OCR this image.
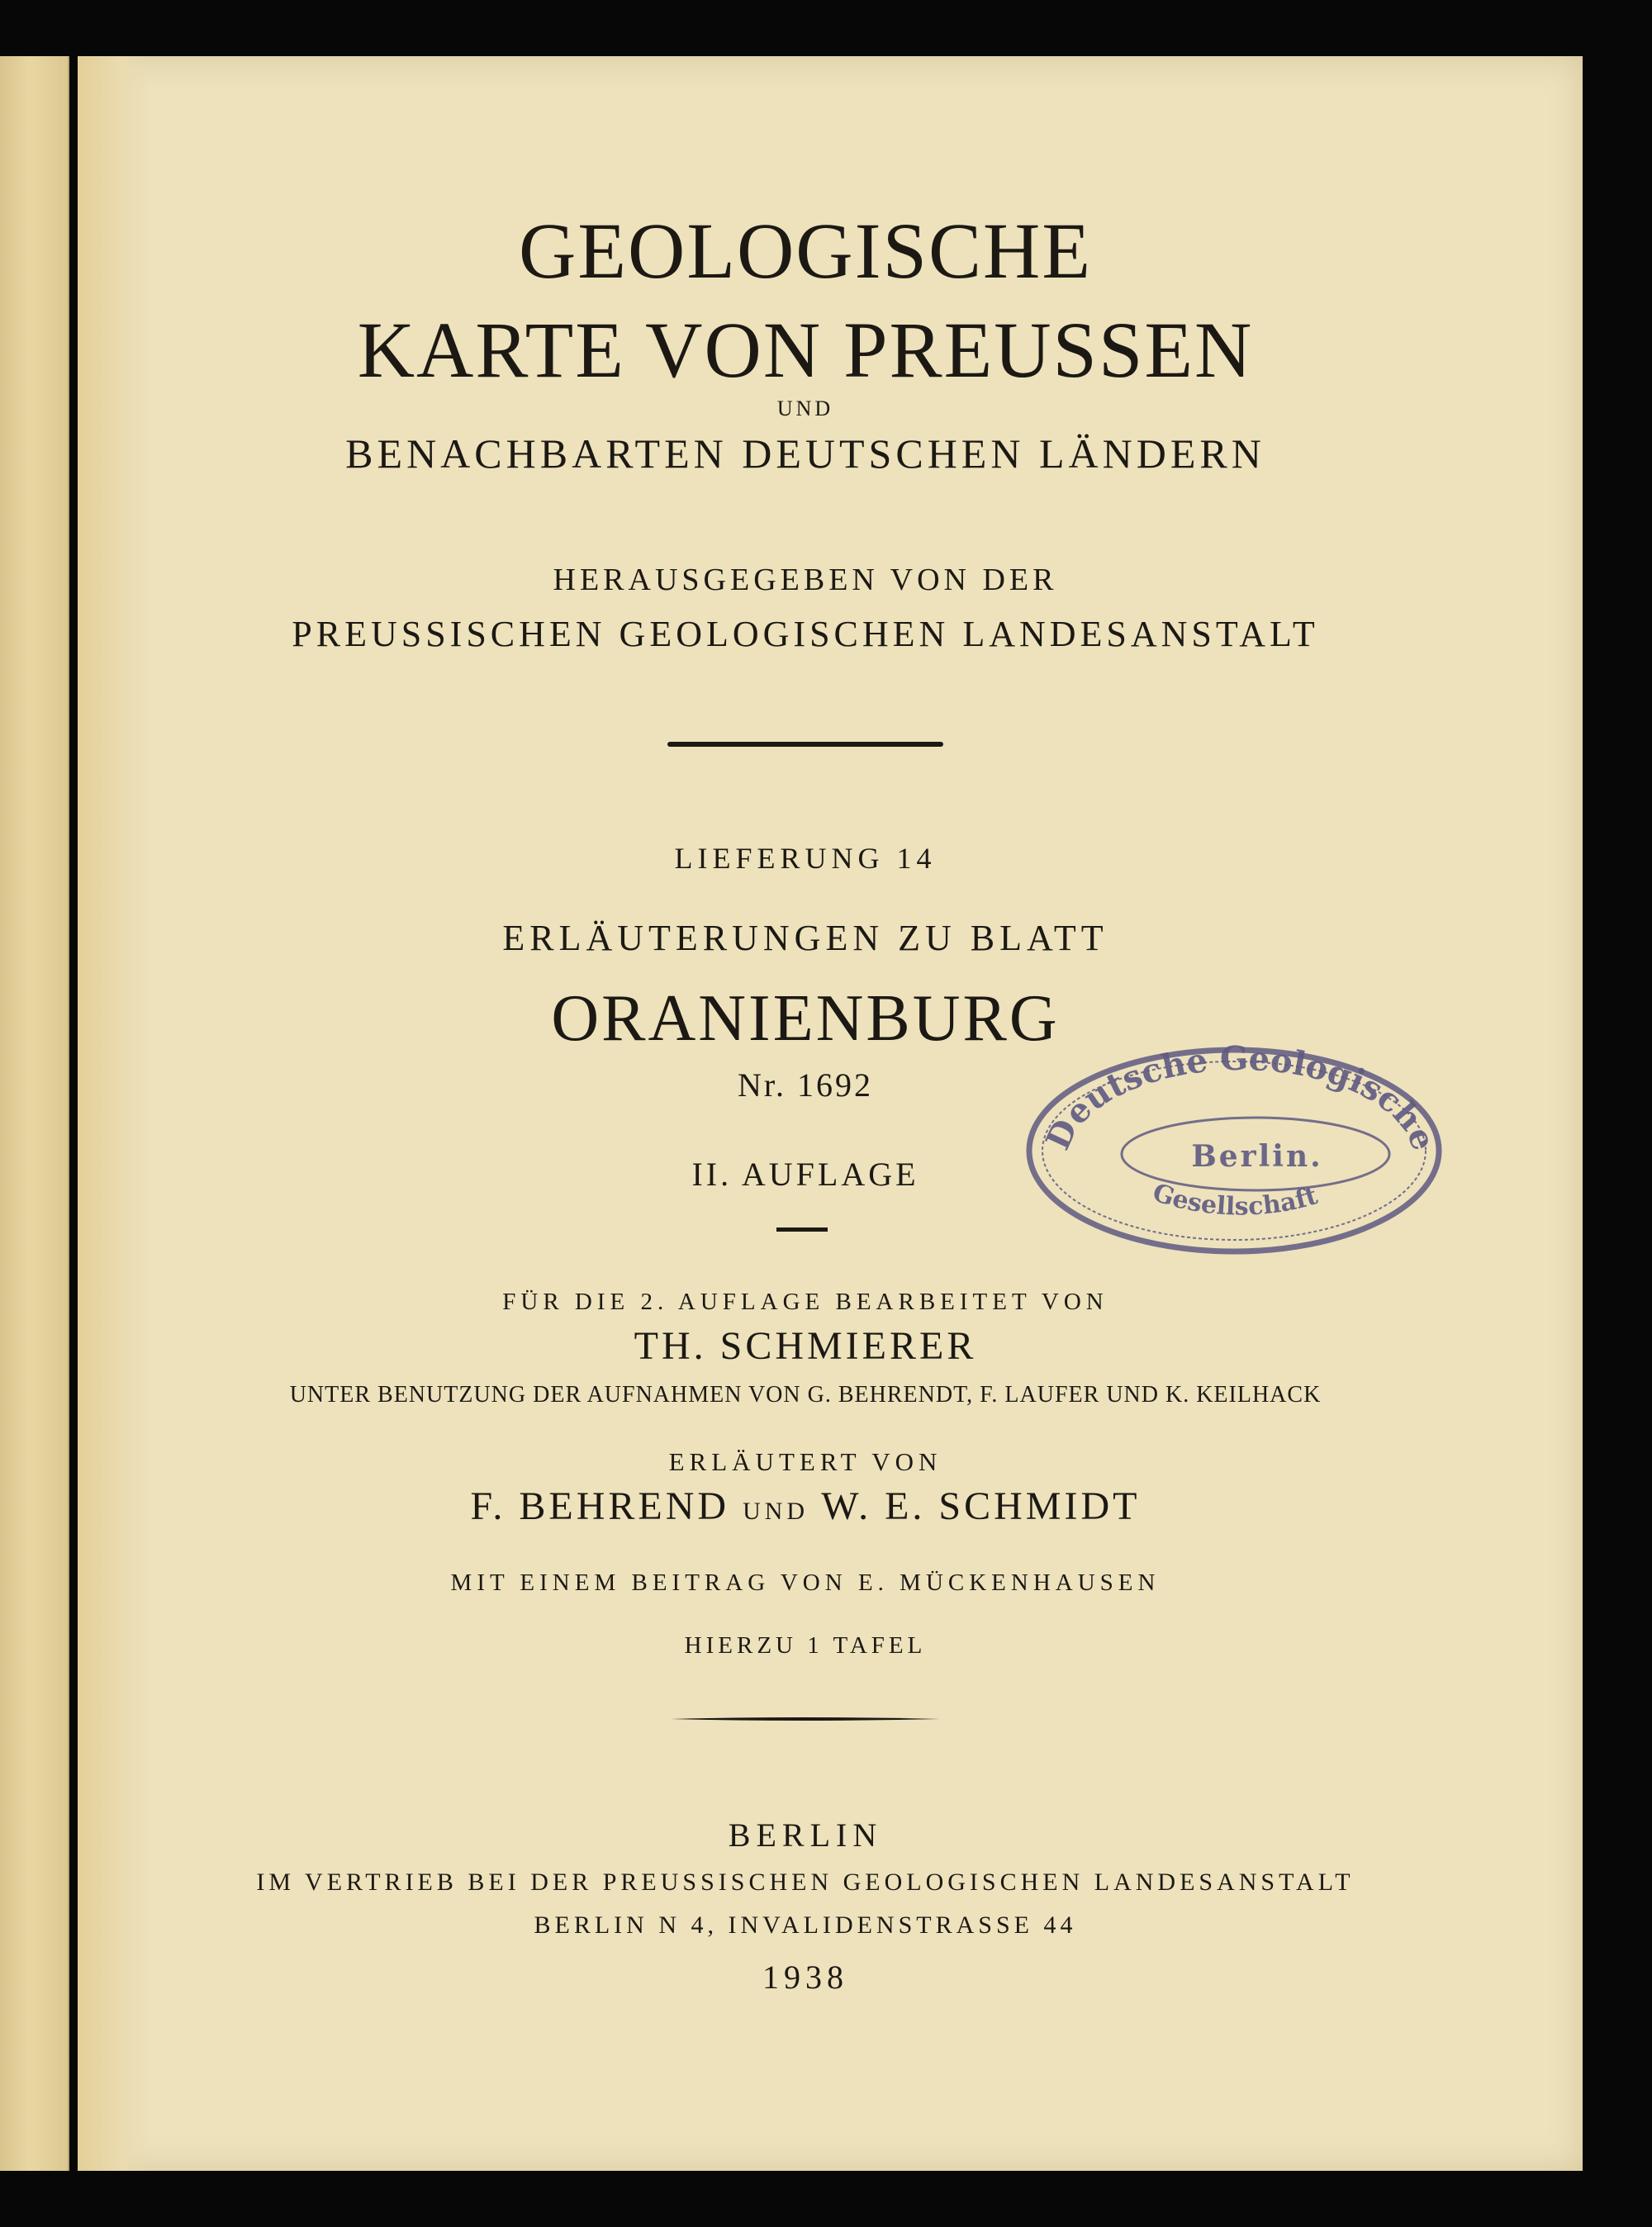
GEOLOGISCHE
KARTE VON PREUSSEN
UND
BENACHBARTEN DEUTSCHEN LÄNDERN
HERAUSGEGEBEN VON DER
PREUSSISCHEN GEOLOGISCHEN LANDESANSTALT
LIEFERUNG 14
ERLÄUTERUNGEN ZU BLATT
ORANIENBURG
Nr. 1692
II. AUFLAGE
FÜR DIE 2. AUFLAGE BEARBEITET VON
TH. SCHMIERER
UNTER BENUTZUNG DER AUFNAHMEN VON G. BEHRENDT, F. LAUFER UND K. KEILHACK
ERLÄUTERT VON
F. BEHREND UND W. E. SCHMIDT
MIT EINEM BEITRAG VON E. MÜCKENHAUSEN
HIERZU 1 TAFEL
BERLIN
IM VERTRIEB BEI DER PREUSSISCHEN GEOLOGISCHEN LANDESANSTALT
BERLIN N 4, INVALIDENSTRASSE 44
1938
Deutsche Geologische
Berlin.
Gesellschaft
